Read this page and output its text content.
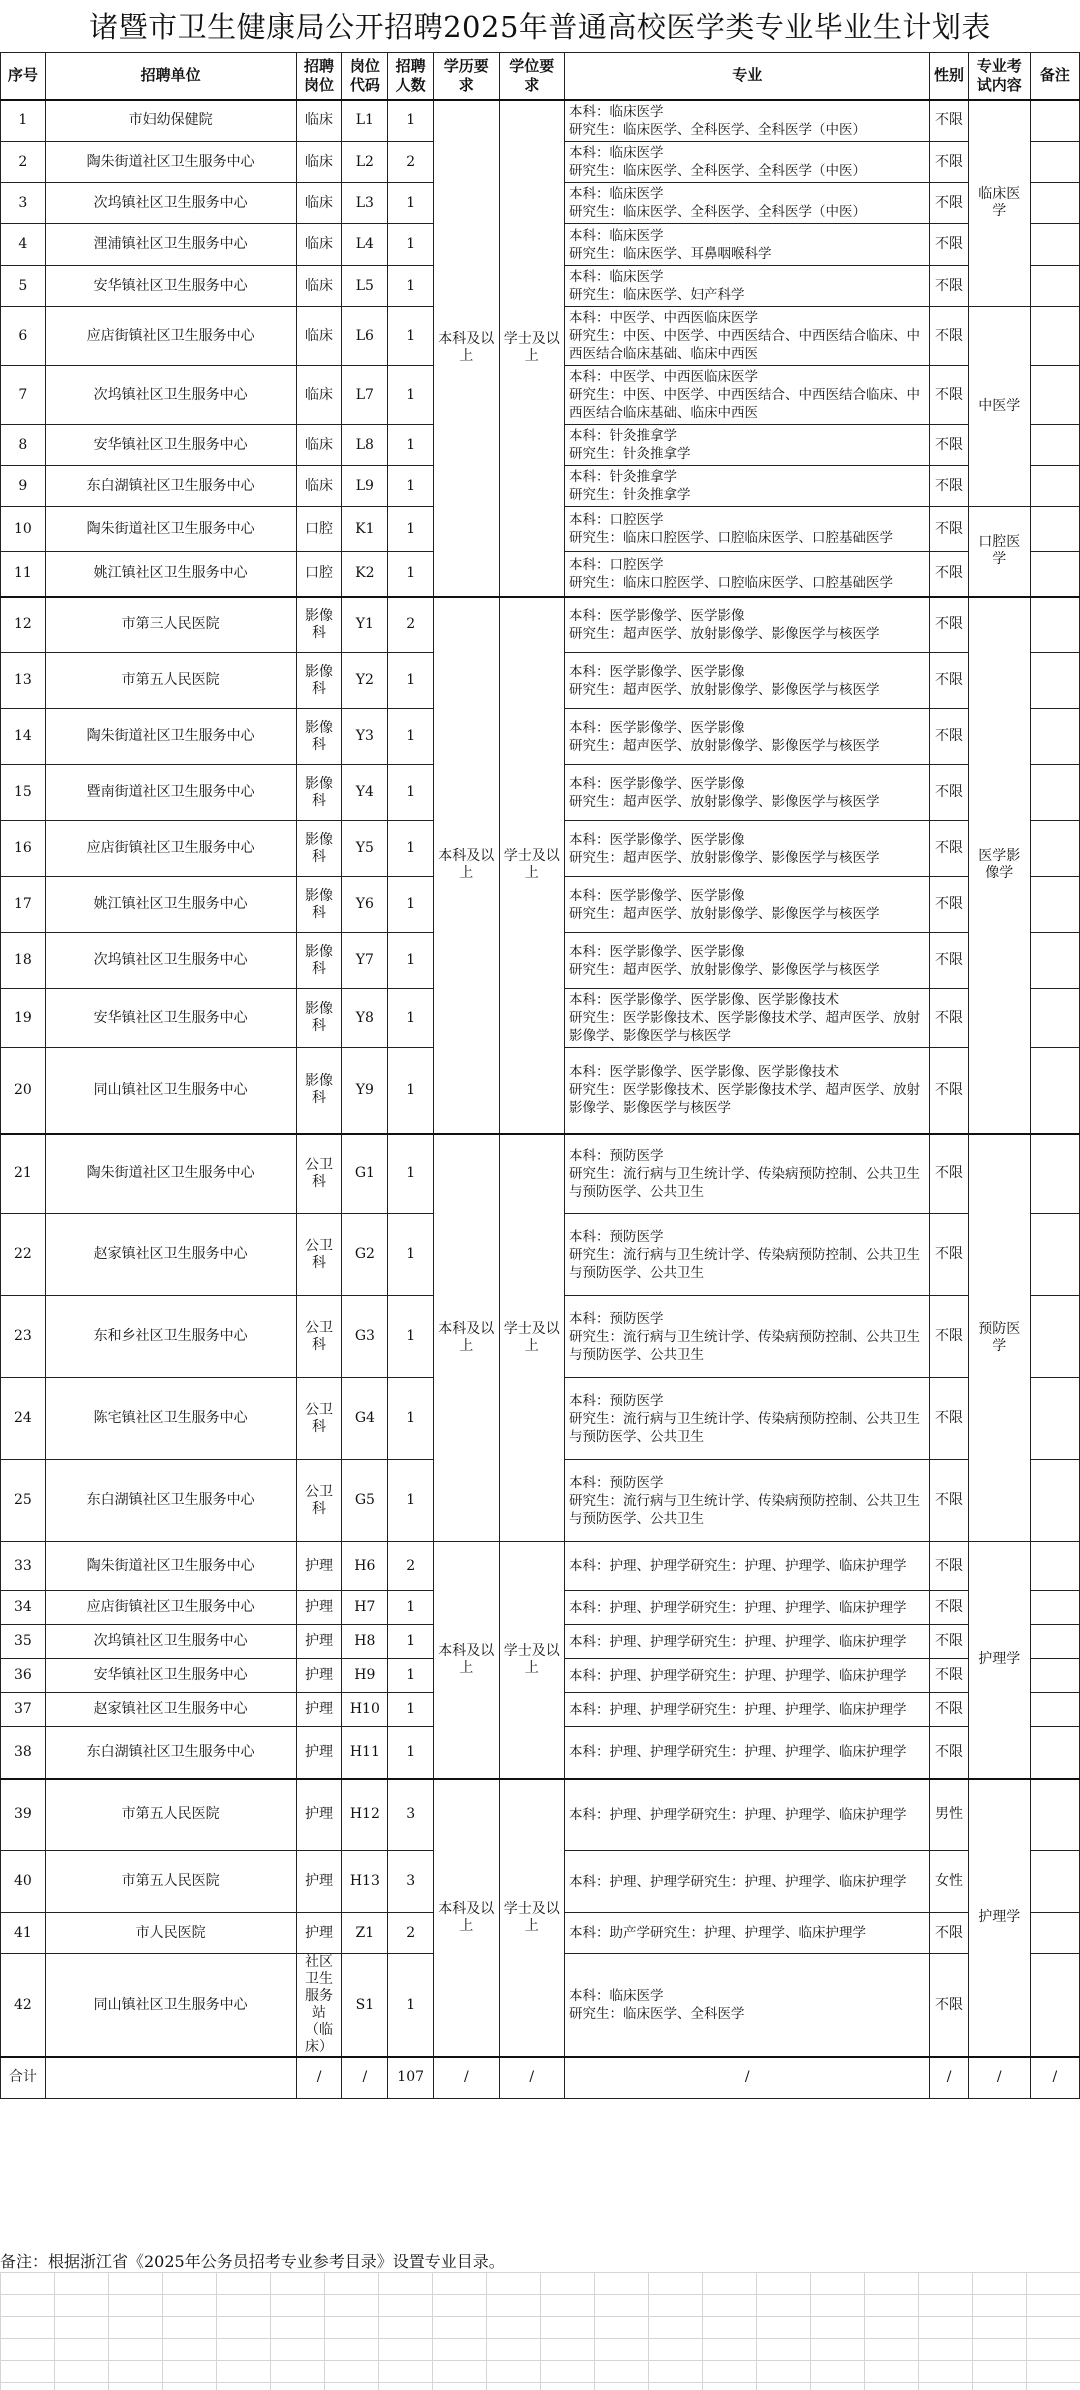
诸暨市卫生健康局公开招聘2025年普通高校医学类专业毕业生计划表
序号	招聘单位	招聘岗位	岗位代码	招聘人数	学历要求	学位要求	专业	性别	专业考试内容	备注
1	市妇幼保健院	临床	L1	1	本科及以上	学士及以上	本科：临床医学
研究生：临床医学、全科医学、全科医学（中医）	不限	临床医学	
2	陶朱街道社区卫生服务中心	临床	L2	2			本科：临床医学
研究生：临床医学、全科医学、全科医学（中医）	不限		
3	次坞镇社区卫生服务中心	临床	L3	1			本科：临床医学
研究生：临床医学、全科医学、全科医学（中医）	不限		
4	浬浦镇社区卫生服务中心	临床	L4	1			本科：临床医学
研究生：临床医学、耳鼻咽喉科学	不限		
5	安华镇社区卫生服务中心	临床	L5	1			本科：临床医学
研究生：临床医学、妇产科学	不限		
6	应店街镇社区卫生服务中心	临床	L6	1			本科：中医学、中西医临床医学
研究生：中医、中医学、中西医结合、中西医结合临床、中西医结合临床基础、临床中西医	不限	中医学	
7	次坞镇社区卫生服务中心	临床	L7	1			本科：中医学、中西医临床医学
研究生：中医、中医学、中西医结合、中西医结合临床、中西医结合临床基础、临床中西医	不限		
8	安华镇社区卫生服务中心	临床	L8	1			本科：针灸推拿学
研究生：针灸推拿学	不限		
9	东白湖镇社区卫生服务中心	临床	L9	1			本科：针灸推拿学
研究生：针灸推拿学	不限		
10	陶朱街道社区卫生服务中心	口腔	K1	1			本科：口腔医学
研究生：临床口腔医学、口腔临床医学、口腔基础医学	不限	口腔医学	
11	姚江镇社区卫生服务中心	口腔	K2	1			本科：口腔医学
研究生：临床口腔医学、口腔临床医学、口腔基础医学	不限		
12	市第三人民医院	影像科	Y1	2	本科及以上	学士及以上	本科：医学影像学、医学影像
研究生：超声医学、放射影像学、影像医学与核医学	不限	医学影像学	
13	市第五人民医院	影像科	Y2	1			本科：医学影像学、医学影像
研究生：超声医学、放射影像学、影像医学与核医学	不限		
14	陶朱街道社区卫生服务中心	影像科	Y3	1			本科：医学影像学、医学影像
研究生：超声医学、放射影像学、影像医学与核医学	不限		
15	暨南街道社区卫生服务中心	影像科	Y4	1			本科：医学影像学、医学影像
研究生：超声医学、放射影像学、影像医学与核医学	不限		
16	应店街镇社区卫生服务中心	影像科	Y5	1			本科：医学影像学、医学影像
研究生：超声医学、放射影像学、影像医学与核医学	不限		
17	姚江镇社区卫生服务中心	影像科	Y6	1			本科：医学影像学、医学影像
研究生：超声医学、放射影像学、影像医学与核医学	不限		
18	次坞镇社区卫生服务中心	影像科	Y7	1			本科：医学影像学、医学影像
研究生：超声医学、放射影像学、影像医学与核医学	不限		
19	安华镇社区卫生服务中心	影像科	Y8	1			本科：医学影像学、医学影像、医学影像技术
研究生：医学影像技术、医学影像技术学、超声医学、放射影像学、影像医学与核医学	不限		
20	同山镇社区卫生服务中心	影像科	Y9	1			本科：医学影像学、医学影像、医学影像技术
研究生：医学影像技术、医学影像技术学、超声医学、放射影像学、影像医学与核医学	不限		
21	陶朱街道社区卫生服务中心	公卫科	G1	1	本科及以上	学士及以上	本科：预防医学
研究生：流行病与卫生统计学、传染病预防控制、公共卫生与预防医学、公共卫生	不限	预防医学	
22	赵家镇社区卫生服务中心	公卫科	G2	1			本科：预防医学
研究生：流行病与卫生统计学、传染病预防控制、公共卫生与预防医学、公共卫生	不限		
23	东和乡社区卫生服务中心	公卫科	G3	1			本科：预防医学
研究生：流行病与卫生统计学、传染病预防控制、公共卫生与预防医学、公共卫生	不限		
24	陈宅镇社区卫生服务中心	公卫科	G4	1			本科：预防医学
研究生：流行病与卫生统计学、传染病预防控制、公共卫生与预防医学、公共卫生	不限		
25	东白湖镇社区卫生服务中心	公卫科	G5	1			本科：预防医学
研究生：流行病与卫生统计学、传染病预防控制、公共卫生与预防医学、公共卫生	不限		
33	陶朱街道社区卫生服务中心	护理	H6	2	本科及以上	学士及以上	本科：护理、护理学研究生：护理、护理学、临床护理学	不限	护理学	
34	应店街镇社区卫生服务中心	护理	H7	1			本科：护理、护理学研究生：护理、护理学、临床护理学	不限		
35	次坞镇社区卫生服务中心	护理	H8	1			本科：护理、护理学研究生：护理、护理学、临床护理学	不限		
36	安华镇社区卫生服务中心	护理	H9	1			本科：护理、护理学研究生：护理、护理学、临床护理学	不限		
37	赵家镇社区卫生服务中心	护理	H10	1			本科：护理、护理学研究生：护理、护理学、临床护理学	不限		
38	东白湖镇社区卫生服务中心	护理	H11	1			本科：护理、护理学研究生：护理、护理学、临床护理学	不限		
39	市第五人民医院	护理	H12	3	本科及以上	学士及以上	本科：护理、护理学研究生：护理、护理学、临床护理学	男性	护理学	
40	市第五人民医院	护理	H13	3			本科：护理、护理学研究生：护理、护理学、临床护理学	女性		
41	市人民医院	护理	Z1	2			本科：助产学研究生：护理、护理学、临床护理学	不限		
42	同山镇社区卫生服务中心	社区卫生服务站（临床）	S1	1			本科：临床医学
研究生：临床医学、全科医学	不限		
合计		/	/	107	/	/	/	/	/	/
备注：根据浙江省《2025年公务员招考专业参考目录》设置专业目录。
